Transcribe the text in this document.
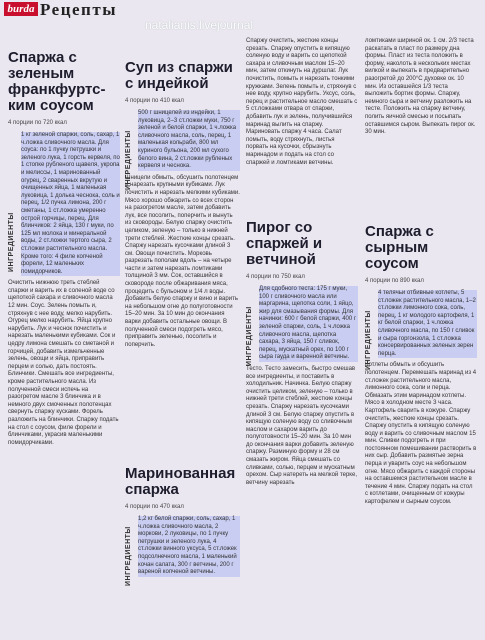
burda Рецепты
natalianis.livejournal
Спаржа с зеленым франкфуртс-ким соусом
4 порции по 720 ккал
ИНГРЕДИЕНТЫ
1 кг зеленой спаржи, соль, сахар, 1 ч.ложка сливочного масла. Для соуса: по 1 пучку петрушки и зеленого лука, 1 горсть кервеля, по 1 стопке рубленого щавеля, укропа и мелиссы, 1 маринованный огурец, 2 сваренных вкрутую и очищенных яйца, 1 маленькая луковица, 1 долька чеснока, соль и перец, 1/2 пучка лимона, 200 г сметаны, 1 ст.ложка умеренно острой горчицы, перец. Для блинчиков: 2 яйца, 130 г муки, по 125 мл молока и минеральной воды, 2 ст.ложки тертого сыра, 2 ст.ложки растительного масла. Кроме того: 4 филе копченой форели, 12 маленьких помидорчиков.
Очистить нижнюю треть стеблей спаржи и варить их в соленой воде со щепоткой сахара и сливочного масла 12 мин. Соус. Зелень помыть и, стряхнув с нее воду, мелко нарубить. Огурец мелко нарубить. Яйца крупно нарубить. Лук и чеснок почистить и нарезать маленькими кубиками. Сок и цедру лимона смешать со сметаной и горчицей, добавить измельченные зелень, овощи и яйца, приправить перцем и солью, дать постоять. Блинчики. Смешать все ингредиенты, кроме растительного масла. Из полученной смеси испечь на разогретом масле 3 блинчика и в немного двух смоченных полотенцах свернуть спаржу кусками. Форель разложить на блинчики. Спаржу подать на стол с соусом, филе форели и блинчиками, украсив маленькими помидорчиками.
Суп из спаржи с индейкой
4 порции по 410 ккал
ИНГРЕДИЕНТЫ
500 г шницелей из индейки, 1 луковица, 2–3 ст.ложки муки, 750 г зеленой и белой спаржи, 1 ч.ложка сливочного масла, соль, перец, 1 маленькая кольраби, 800 мл куриного бульона, 200 мл сухого белого вина, 2 ст.ложки рубленых кервеля и чеснока.
Шницели обмыть, обсушить полотенцем и нарезать крупными кубиками. Лук почистить и нарезать мелкими кубиками. Мясо хорошо обжарить со всех сторон на разогретом масле, затем добавить лук, все посолить, поперчить и вынуть из сковороды. Белую спаржу очистить целиком, зеленую – только в нижней трети стеблей. Жесткие концы срезать. Спаржу нарезать кусочками длиной 3 см. Овощи почистить. Морковь разрезать пополам вдоль – на четыре части и затем нарезать ломтиками толщиной 3 мм. Сок, оставшийся в сковороде после обжаривания мяса, процедить с бульоном и 1/4 л воды. Добавить белую спаржу и вино и варить на небольшом огне до полуготовности 15–20 мин. За 10 мин до окончания варки добавить остальные овощи. В полученной смеси подогреть мясо, приправить зеленью, посолить и поперчить.
Маринованная спаржа
4 порции по 470 ккал
ИНГРЕДИЕНТЫ
1,2 кг белой спаржи, соль, сахар, 1 ч.ложка сливочного масла, 2 моркови, 2 луковицы, по 1 пучку петрушки и зеленого лука, 4 ст.ложки винного уксуса, 5 ст.ложек подсолнечного масла, 1 маленький кочан салата, 300 г ветчины, 200 г вареной копченой ветчины.
Спаржу очистить, жесткие концы срезать. Спаржу опустить в кипящую соленую воду и варить со щепоткой сахара и сливочным маслом 15–20 мин, затем откинуть на дуршлаг. Лук почистить, помыть и нарезать тонкими кружками. Зелень помыть и, стряхнув с нее воду, крупно нарубить. Уксус, соль, перец и растительное масло смешать с 5 ст.ложками отвара от спаржи, добавить лук и зелень, получившийся маринад вылить на спаржу. Мариновать спаржу 4 часа. Салат помыть, воду стряхнуть, листья порвать на кусочки, сбрызнуть маринадом и подать на стол со спаржей и ломтиками ветчины.
Пирог со спаржей и ветчиной
4 порции по 750 ккал
ИНГРЕДИЕНТЫ
Для сдобного теста: 175 г муки, 100 г сливочного масла или маргарина, щепотка соли, 1 яйцо, жир для смазывания формы. Для начинки: 600 г белой спаржи, 400 г зеленой спаржи, соль, 1 ч.ложка сливочного масла, щепотка сахара, 3 яйца, 150 г сливок, перец, мускатный орех, по 100 г сыра гауда и варенной ветчины.
Тесто. Тесто замесить, быстро смешав все ингредиенты, и поставить в холодильник. Начинка. Белую спаржу очистить целиком, зеленую – только в нижней трети стеблей, жесткие концы срезать. Спаржу нарезать кусочками длиной 3 см. Белую спаржу опустить в кипящую соленую воду со сливочным маслом и сахаром варить до полуготовности 15–20 мин. За 10 мин до окончания варки добавить зеленую спаржу. Разминую форму и 28 см смазать жиром. Яйца смешать со сливками, солью, перцем и мускатным орехом. Сыр натереть на мелкой терке, ветчину нарезать
ломтиками шириной ок. 1 см. 2/3 теста раскатать в пласт по размеру дна формы. Пласт из теста положить в форму, наколоть в нескольких местах вилкой и выпекать в предварительно разогретой до 200°C духовке ок. 10 мин. Из оставшейся 1/3 теста выложить бортик формы. Спаржу, немного сыра и ветчину разложить на тесте. Положить на спаржу ветчину, полить яичной смесью и посыпать оставшимся сыром. Выпекать пирог ок. 30 мин.
Спаржа с сырным соусом
4 порции по 890 ккал
ИНГРЕДИЕНТЫ
4 телячьи отбивные котлеты, 5 ст.ложек растительного масла, 1–2 ст.ложки лимонного сока, соль, перец, 1 кг молодого картофеля, 1 кг белой спаржи, 1 ч.ложка сливочного масла, по 150 г сливок и сыра горгонзола, 1 ст.ложка консервированных зеленых зерен перца.
Котлеты обмыть и обсушить полотенцем. Перемешать маринад из 4 ст.ложек растительного масла, лимонного сока, соли и перца. Обмазать этим маринадом котлеты. Мясо в холодном месте 3 часа. Картофель сварить в кожуре. Спаржу очистить, жесткие концы срезать. Спаржу опустить в кипящую соленую воду и варить со сливочным маслом 15 мин. Сливки подогреть и при постоянном помешивании растворить в них сыр. Добавить размятые зерна перца и уварить соус на небольшом огне. Мясо обжарить с каждой стороны на оставшемся растительном масле в течение 4 мин. Спаржу подать на стол с котлетами, очищенным от кожуры картофелем и сырным соусом.
